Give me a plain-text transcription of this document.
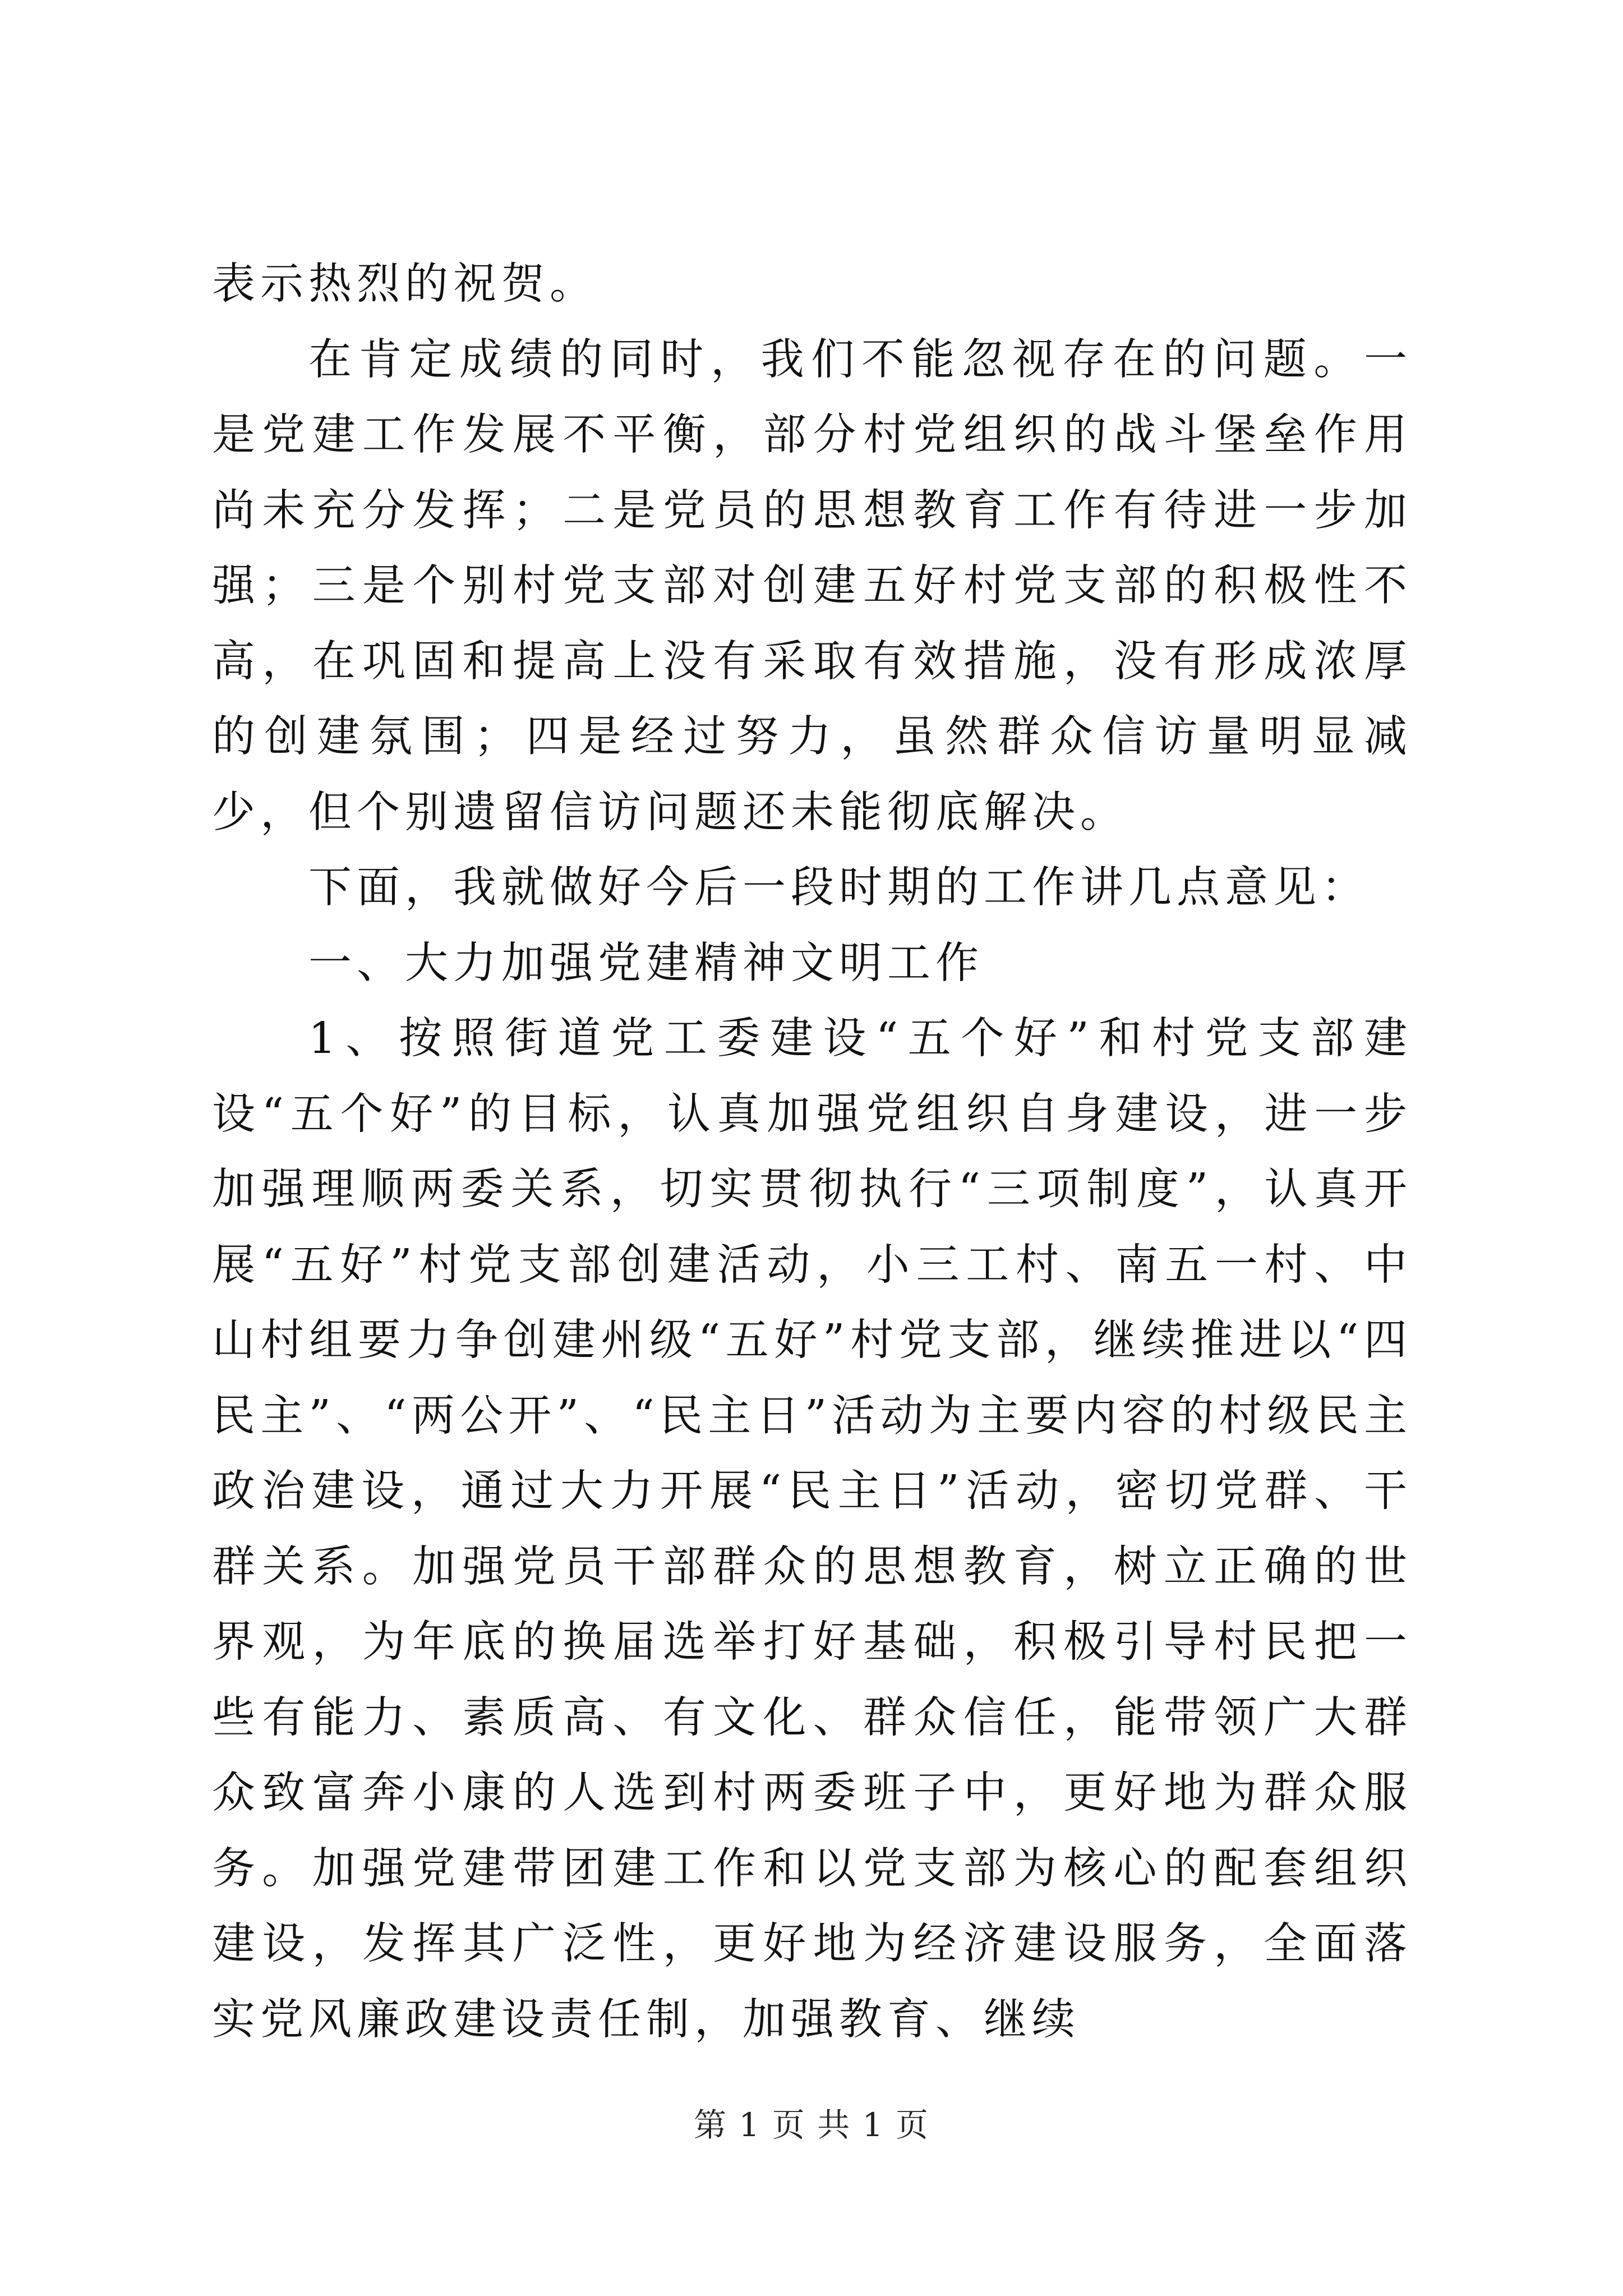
表示热烈的祝贺。

在肯定成绩的同时，我们不能忽视存在的问题。一是党建工作发展不平衡，部分村党组织的战斗堡垒作用尚未充分发挥；二是党员的思想教育工作有待进一步加强；三是个别村党支部对创建五好村党支部的积极性不高，在巩固和提高上没有采取有效措施，没有形成浓厚的创建氛围；四是经过努力，虽然群众信访量明显减少，但个别遗留信访问题还未能彻底解决。

下面，我就做好今后一段时期的工作讲几点意见：

一、大力加强党建精神文明工作

1、按照街道党工委建设“五个好”和村党支部建设“五个好”的目标，认真加强党组织自身建设，进一步加强理顺两委关系，切实贯彻执行“三项制度”，认真开展“五好”村党支部创建活动，小三工村、南五一村、中山村组要力争创建州级“五好”村党支部，继续推进以“四民主”、“两公开”、“民主日”活动为主要内容的村级民主政治建设，通过大力开展“民主日”活动，密切党群、干群关系。加强党员干部群众的思想教育，树立正确的世界观，为年底的换届选举打好基础，积极引导村民把一些有能力、素质高、有文化、群众信任，能带领广大群众致富奔小康的人选到村两委班子中，更好地为群众服务。加强党建带团建工作和以党支部为核心的配套组织建设，发挥其广泛性，更好地为经济建设服务，全面落实党风廉政建设责任制，加强教育、继续

第 1 页 共 1 页
